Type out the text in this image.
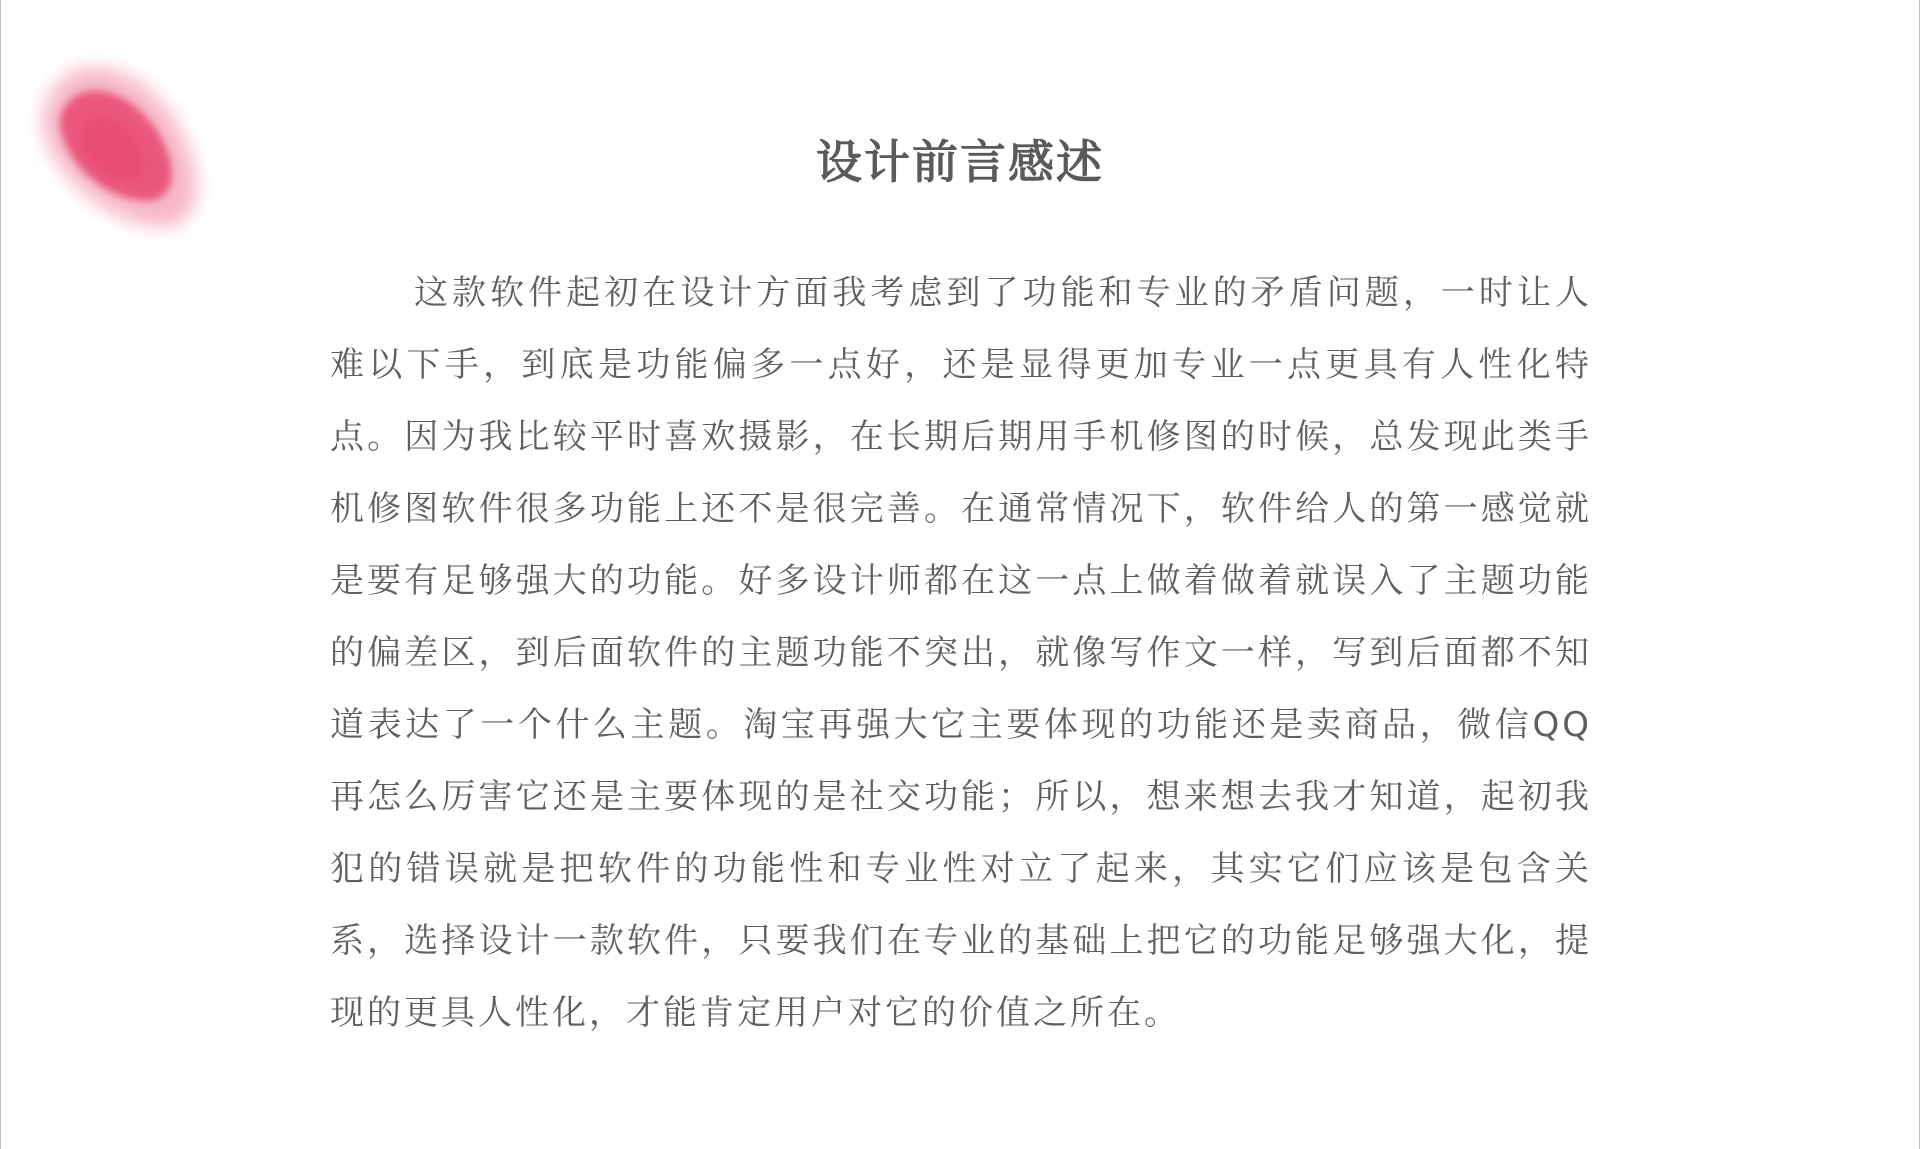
设计前言感述

这款软件起初在设计方面我考虑到了功能和专业的矛盾问题，一时让人难以下手，到底是功能偏多一点好，还是显得更加专业一点更具有人性化特点。因为我比较平时喜欢摄影，在长期后期用手机修图的时候，总发现此类手机修图软件很多功能上还不是很完善。在通常情况下，软件给人的第一感觉就是要有足够强大的功能。好多设计师都在这一点上做着做着就误入了主题功能的偏差区，到后面软件的主题功能不突出，就像写作文一样，写到后面都不知道表达了一个什么主题。淘宝再强大它主要体现的功能还是卖商品，微信QQ再怎么厉害它还是主要体现的是社交功能；所以，想来想去我才知道，起初我犯的错误就是把软件的功能性和专业性对立了起来，其实它们应该是包含关系，选择设计一款软件，只要我们在专业的基础上把它的功能足够强大化，提现的更具人性化，才能肯定用户对它的价值之所在。
